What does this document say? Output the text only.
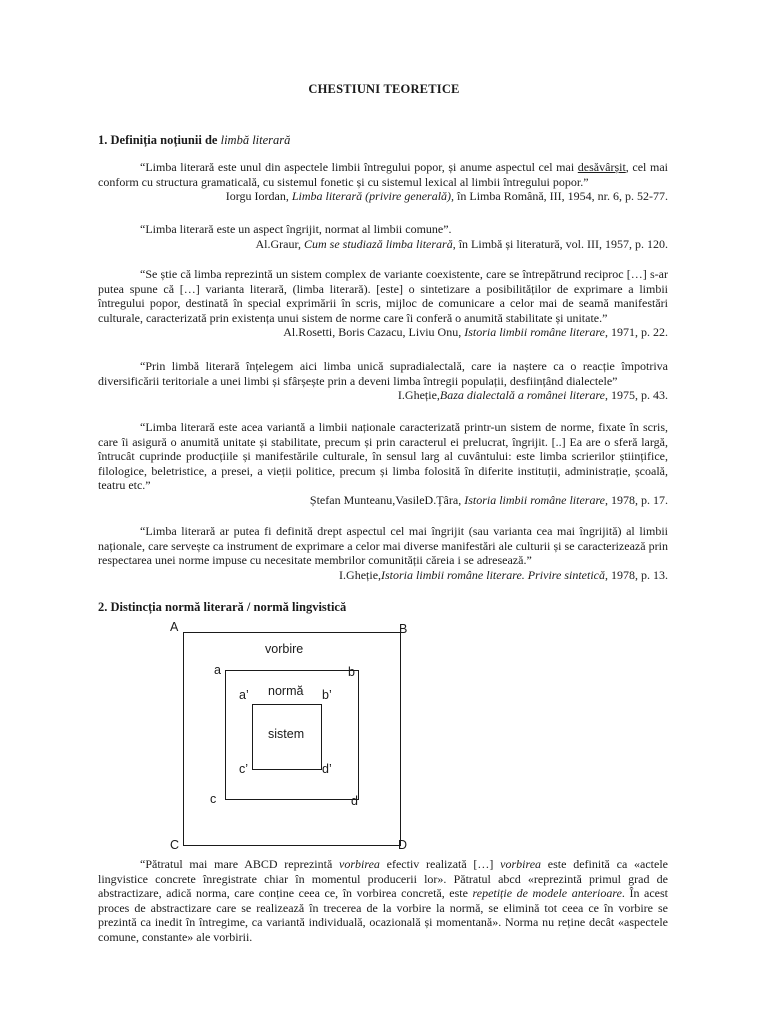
CHESTIUNI TEORETICE
1. Definiția noțiunii de limbă literară

“Limba literară este unul din aspectele limbii întregului popor, și anume aspectul cel mai desăvârșit, cel mai conform cu structura gramaticală, cu sistemul fonetic și cu sistemul lexical al limbii întregului popor.”

Iorgu Iordan, Limba literară (privire generală), în Limba Română, III, 1954, nr. 6, p. 52-77.

“Limba literară este un aspect îngrijit, normat al limbii comune”.

Al.Graur, Cum se studiază limba literară, în Limbă și literatură, vol. III, 1957, p. 120.

“Se știe că limba reprezintă un sistem complex de variante coexistente, care se întrepătrund reciproc […] s-ar putea spune că […] varianta literară, (limba literară). [este] o sintetizare a posibilităților de exprimare a limbii întregului popor, destinată în special exprimării în scris, mijloc de comunicare a celor mai de seamă manifestări culturale, caracterizată prin existența unui sistem de norme care îi conferă o anumită stabilitate și unitate.”

Al.Rosetti, Boris Cazacu, Liviu Onu, Istoria limbii române literare, 1971, p. 22.

“Prin limbă literară înțelegem aici limba unică supradialectală, care ia naștere ca o reacție împotriva diversificării teritoriale a unei limbi și sfârșește prin a deveni limba întregii populații, desființând dialectele”

I.Gheție,Baza dialectală a românei literare, 1975, p. 43.

“Limba literară este acea variantă a limbii naționale caracterizată printr-un sistem de norme, fixate în scris, care îi asigură o anumită unitate și stabilitate, precum și prin caracterul ei prelucrat, îngrijit. [..] Ea are o sferă largă, întrucât cuprinde producțiile și manifestările culturale, în sensul larg al cuvântului: este limba scrierilor științifice, filologice, beletristice, a presei, a vieții politice, precum și limba folosită în diferite instituții, administrație, școală, teatru etc.”

Ștefan Munteanu,VasileD.Țâra, Istoria limbii române literare, 1978, p. 17.

“Limba literară ar putea fi definită drept aspectul cel mai îngrijit (sau varianta cea mai îngrijită) al limbii naționale, care servește ca instrument de exprimare a celor mai diverse manifestări ale culturii și se caracterizează prin respectarea unei norme impuse cu necesitate membrilor comunității căreia i se adresează.”

I.Gheție,Istoria limbii române literare. Privire sintetică, 1978, p. 13.

2. Distincția normă literară / normă lingvistică
A	B
C	D
a	b
c	d
a’	b’
c’	d’
vorbire
normă
sistem

“Pătratul mai mare ABCD reprezintă vorbirea efectiv realizată […] vorbirea este definită ca «actele lingvistice concrete înregistrate chiar în momentul producerii lor». Pătratul abcd «reprezintă primul grad de abstractizare, adică norma, care conține ceea ce, în vorbirea concretă, este repetiție de modele anterioare. În acest proces de abstractizare care se realizează în trecerea de la vorbire la normă, se elimină tot ceea ce în vorbire se prezintă ca inedit în întregime, ca variantă individuală, ocazională și momentană». Norma nu reține decât «aspectele comune, constante» ale vorbirii.
